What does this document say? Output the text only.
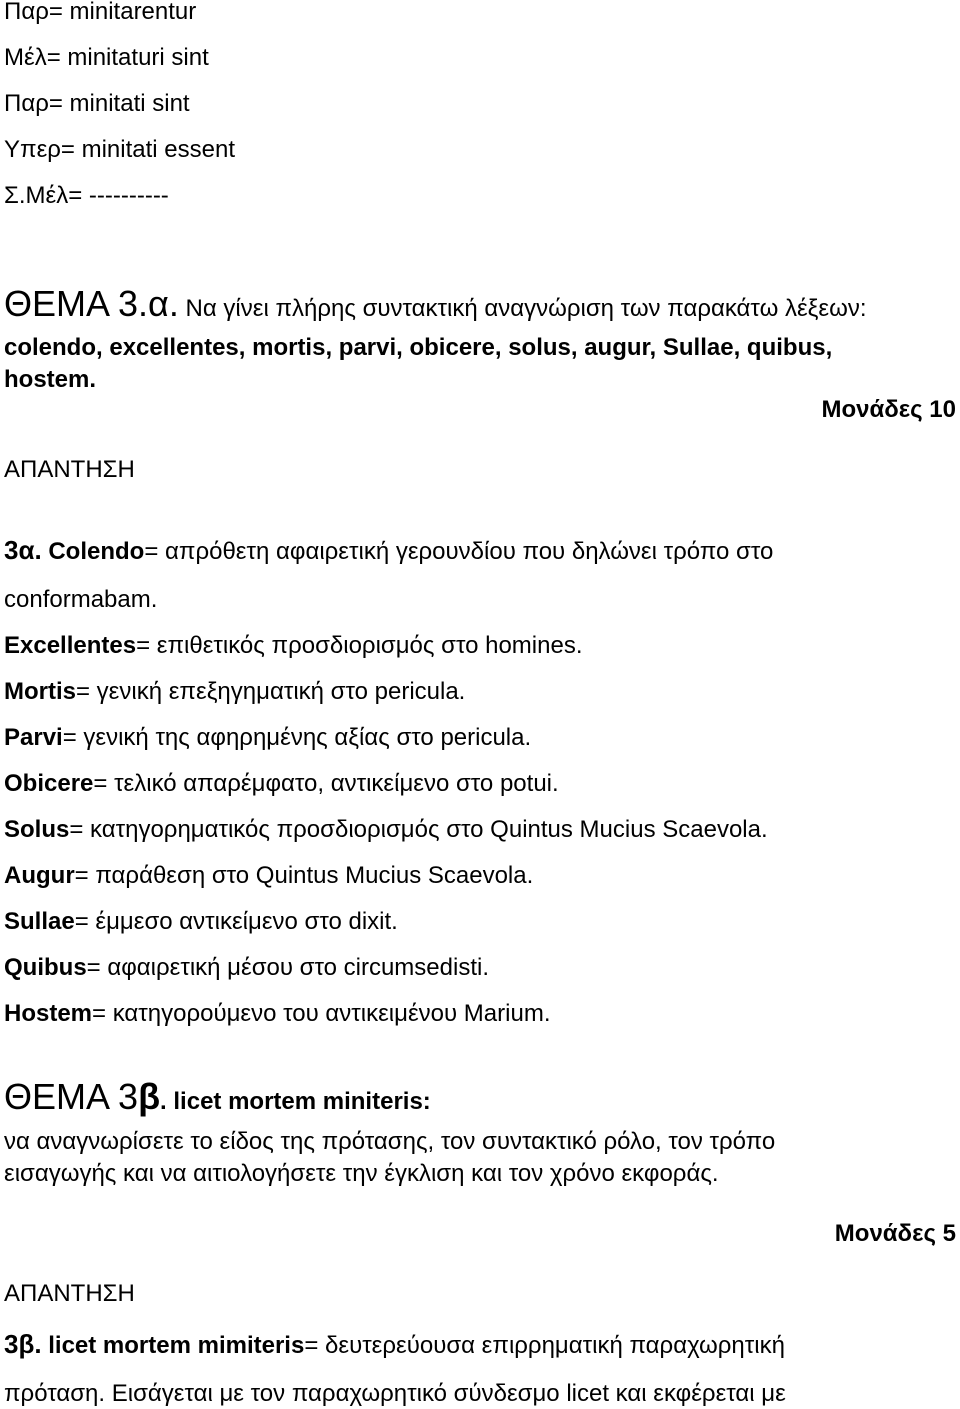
Παρ= minitarentur
Μέλ= minitaturi sint
Παρ= minitati sint
Υπερ= minitati essent
Σ.Μέλ= ----------
ΘΕΜΑ 3.α. Να γίνει πλήρης συντακτική αναγνώριση των παρακάτω λέξεων:
colendo, excellentes, mortis, parvi, obicere, solus, augur, Sullae, quibus,
hostem.
Μονάδες 10
ΑΠΑΝΤΗΣΗ
3α. Colendo= απρόθετη αφαιρετική γερουνδίου που δηλώνει τρόπο στο
conformabam.
Excellentes= επιθετικός προσδιορισμός στο homines.
Mortis= γενική επεξηγηματική στο pericula.
Parvi= γενική της αφηρημένης αξίας στο pericula.
Obicere= τελικό απαρέμφατο, αντικείμενο στο potui.
Solus= κατηγορηματικός προσδιορισμός στο Quintus Mucius Scaevola.
Augur= παράθεση στο Quintus Mucius Scaevola.
Sullae= έμμεσο αντικείμενο στο dixit.
Quibus= αφαιρετική μέσου στο circumsedisti.
Hostem= κατηγορούμενο του αντικειμένου Marium.
ΘΕΜΑ 3β. licet mortem miniteris:
να αναγνωρίσετε το είδος της πρότασης, τον συντακτικό ρόλο, τον τρόπο
εισαγωγής και να αιτιολογήσετε την έγκλιση και τον χρόνο εκφοράς.
Μονάδες 5
ΑΠΑΝΤΗΣΗ
3β. licet mortem mimiteris= δευτερεύουσα επιρρηματική παραχωρητική
πρόταση. Εισάγεται με τον παραχωρητικό σύνδεσμο licet και εκφέρεται με
